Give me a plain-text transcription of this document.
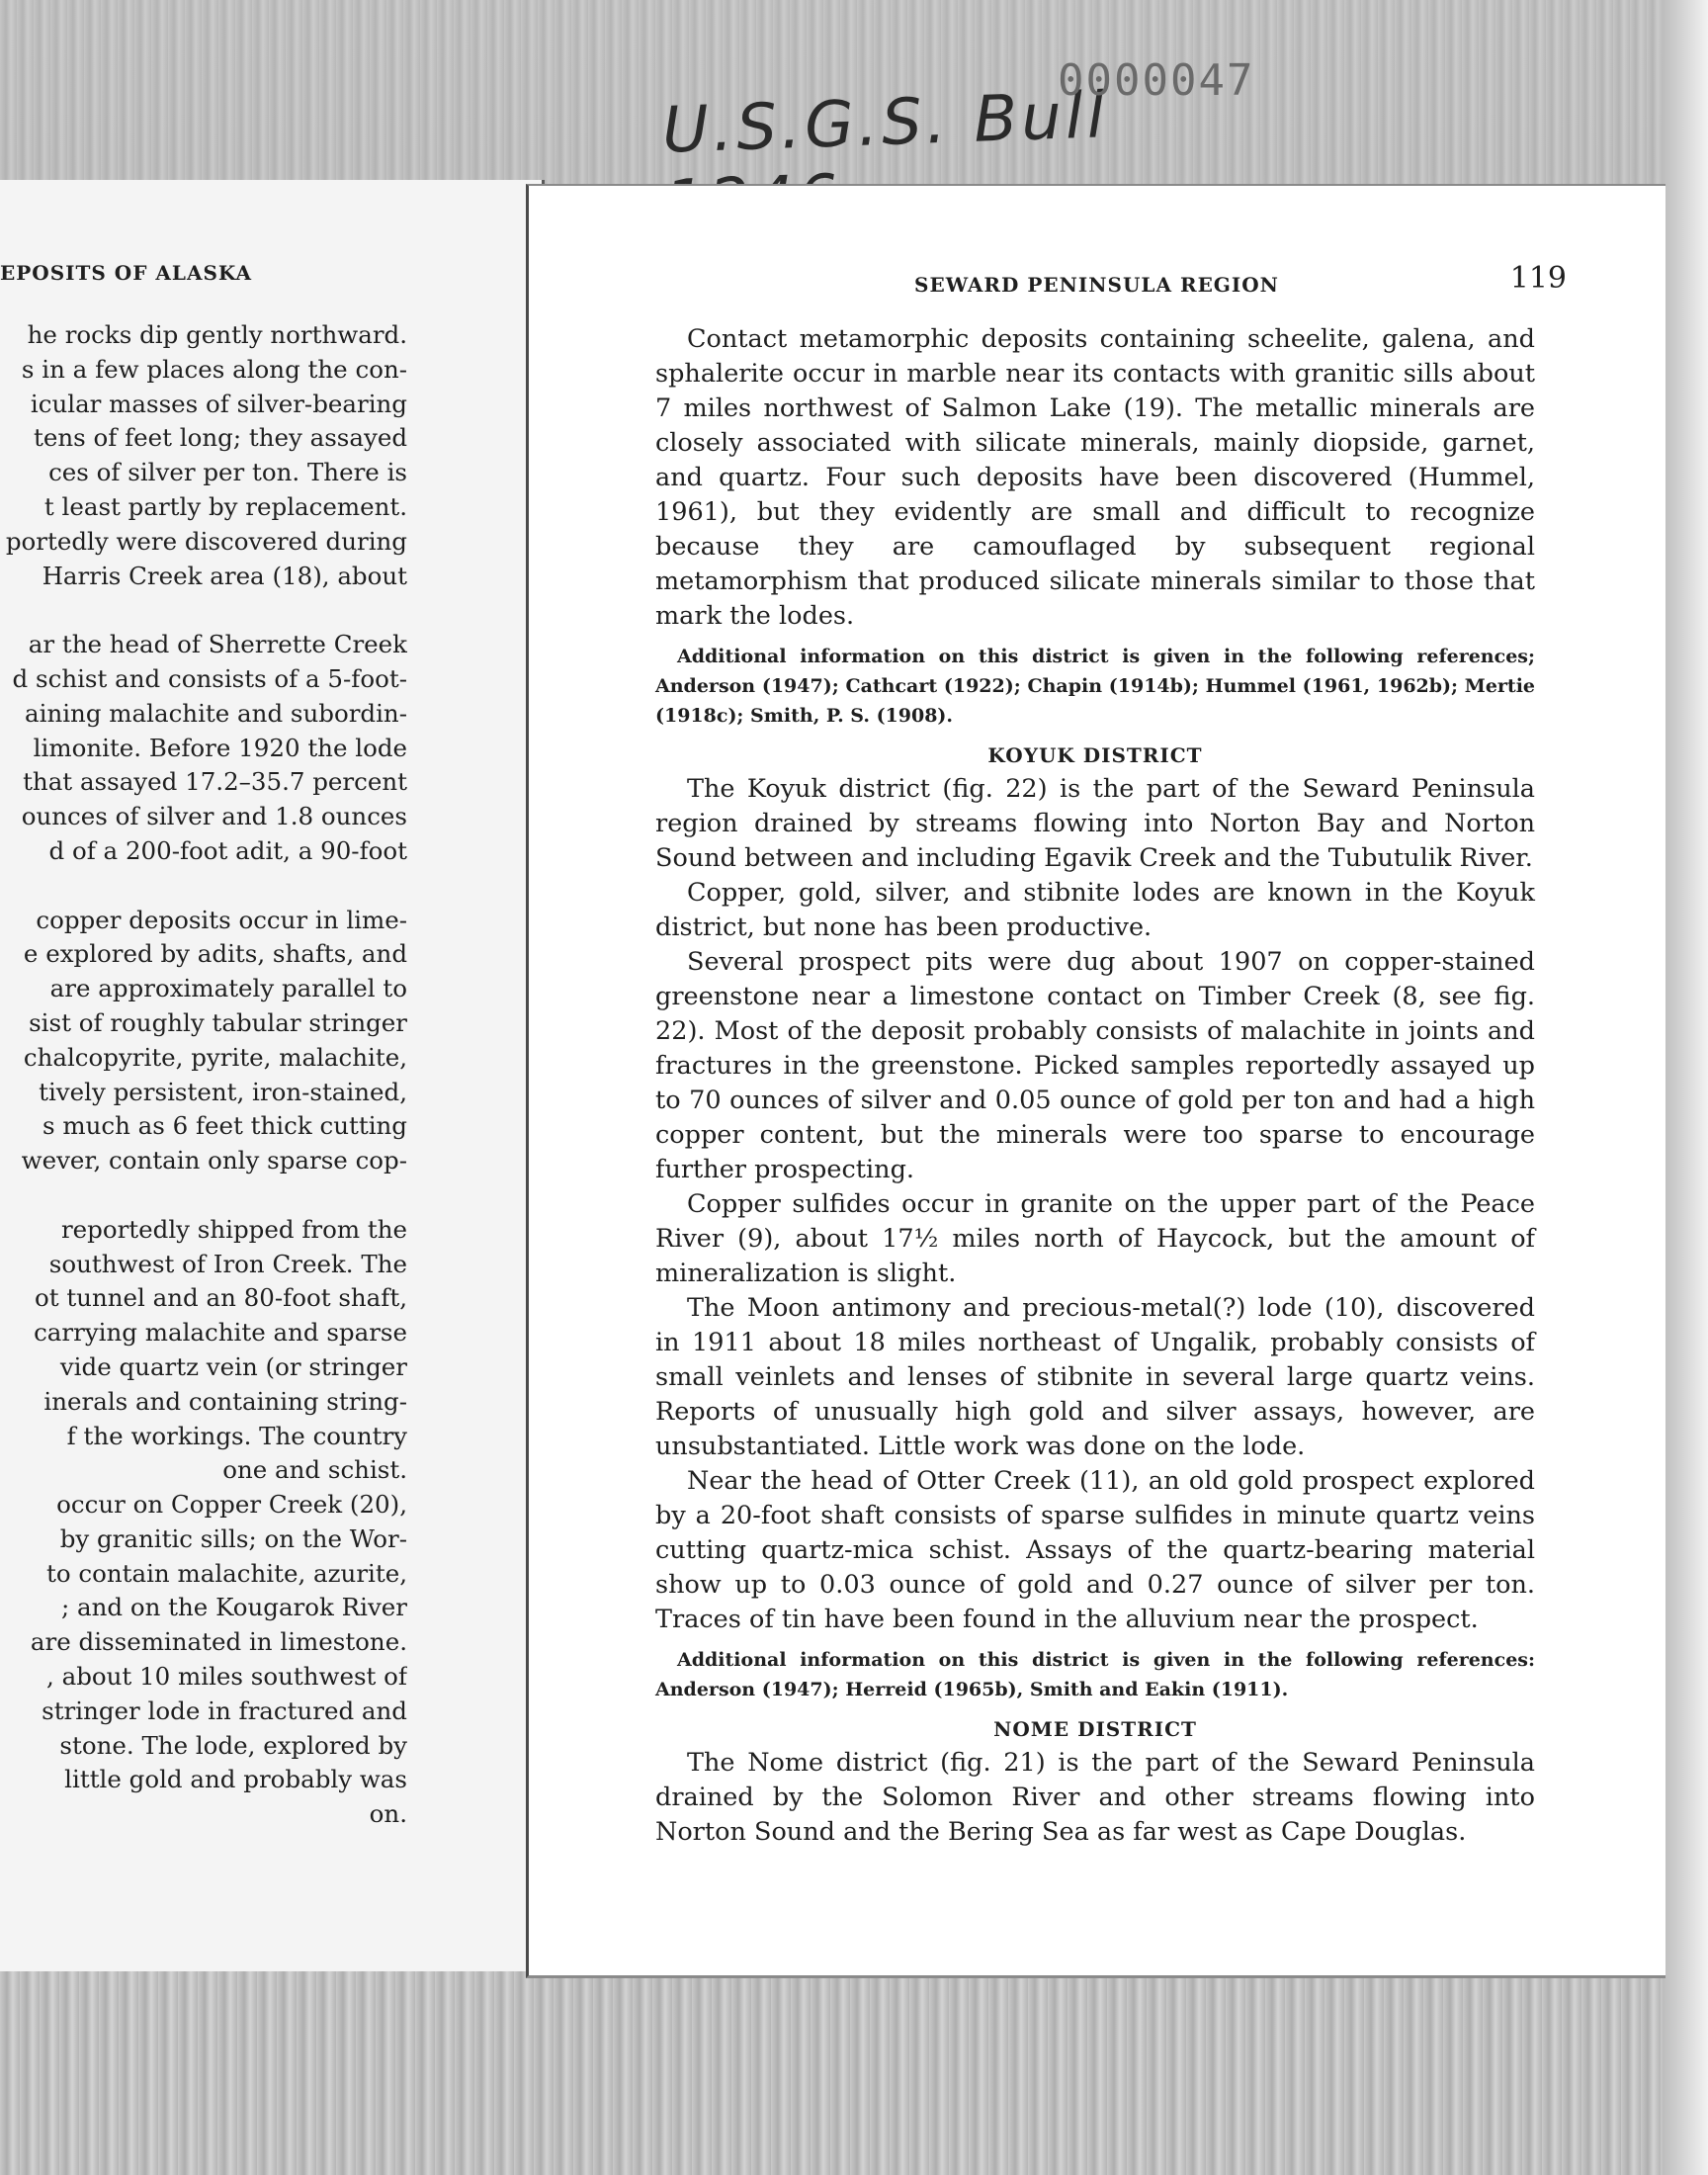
U.S.G.S. Bull
0000047
EPOSITS OF ALASKA
he rocks dip gently northward.
s in a few places along the con-
icular masses of silver-bearing
tens of feet long; they assayed
ces of silver per ton. There is
t least partly by replacement.
portedly were discovered during
Harris Creek area (18), about

ar the head of Sherrette Creek
d schist and consists of a 5-foot-
aining malachite and subordin-
limonite. Before 1920 the lode
that assayed 17.2–35.7 percent
ounces of silver and 1.8 ounces
d of a 200-foot adit, a 90-foot

copper deposits occur in lime-
e explored by adits, shafts, and
are approximately parallel to
sist of roughly tabular stringer
chalcopyrite, pyrite, malachite,
tively persistent, iron-stained,
s much as 6 feet thick cutting
wever, contain only sparse cop-

reportedly shipped from the
southwest of Iron Creek. The
ot tunnel and an 80-foot shaft,
carrying malachite and sparse
vide quartz vein (or stringer
inerals and containing string-
f the workings. The country
one and schist.
occur on Copper Creek (20),
by granitic sills; on the Wor-
to contain malachite, azurite,
; and on the Kougarok River
are disseminated in limestone.
, about 10 miles southwest of
stringer lode in fractured and
stone. The lode, explored by
little gold and probably was
on.
SEWARD PENINSULA REGION	119

Contact metamorphic deposits containing scheelite, galena, and sphalerite occur in marble near its contacts with granitic sills about 7 miles northwest of Salmon Lake (19). The metallic minerals are closely associated with silicate minerals, mainly diopside, garnet, and quartz. Four such deposits have been discovered (Hummel, 1961), but they evidently are small and difficult to recognize because they are camouflaged by subsequent regional metamorphism that produced silicate minerals similar to those that mark the lodes.

Additional information on this district is given in the following references; Anderson (1947); Cathcart (1922); Chapin (1914b); Hummel (1961, 1962b); Mertie (1918c); Smith, P. S. (1908).

KOYUK DISTRICT

The Koyuk district (fig. 22) is the part of the Seward Peninsula region drained by streams flowing into Norton Bay and Norton Sound between and including Egavik Creek and the Tubutulik River.

Copper, gold, silver, and stibnite lodes are known in the Koyuk district, but none has been productive.

Several prospect pits were dug about 1907 on copper-stained greenstone near a limestone contact on Timber Creek (8, see fig. 22). Most of the deposit probably consists of malachite in joints and fractures in the greenstone. Picked samples reportedly assayed up to 70 ounces of silver and 0.05 ounce of gold per ton and had a high copper content, but the minerals were too sparse to encourage further prospecting.

Copper sulfides occur in granite on the upper part of the Peace River (9), about 17½ miles north of Haycock, but the amount of mineralization is slight.

The Moon antimony and precious-metal(?) lode (10), discovered in 1911 about 18 miles northeast of Ungalik, probably consists of small veinlets and lenses of stibnite in several large quartz veins. Reports of unusually high gold and silver assays, however, are unsubstantiated. Little work was done on the lode.

Near the head of Otter Creek (11), an old gold prospect explored by a 20-foot shaft consists of sparse sulfides in minute quartz veins cutting quartz-mica schist. Assays of the quartz-bearing material show up to 0.03 ounce of gold and 0.27 ounce of silver per ton. Traces of tin have been found in the alluvium near the prospect.

Additional information on this district is given in the following references: Anderson (1947); Herreid (1965b), Smith and Eakin (1911).

NOME DISTRICT

The Nome district (fig. 21) is the part of the Seward Peninsula drained by the Solomon River and other streams flowing into Norton Sound and the Bering Sea as far west as Cape Douglas.
